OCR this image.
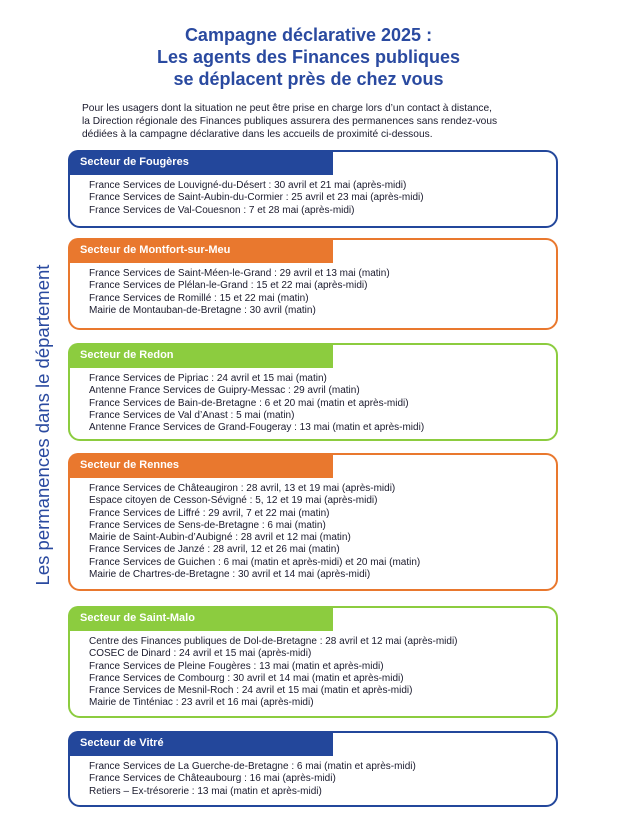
Campagne déclarative 2025 :
Les agents des Finances publiques
se déplacent près de chez vous
Pour les usagers dont la situation ne peut être prise en charge lors d’un contact à distance,
la Direction régionale des Finances publiques assurera des permanences sans rendez-vous
dédiées à la campagne déclarative dans les accueils de proximité ci-dessous.
Les permanences dans le département
Secteur de Fougères
France Services de Louvigné-du-Désert : 30 avril et 21 mai (après-midi)
France Services de Saint-Aubin-du-Cormier : 25 avril et 23 mai (après-midi)
France Services de Val-Couesnon : 7 et 28 mai (après-midi)
Secteur de Montfort-sur-Meu
France Services de Saint-Méen-le-Grand : 29 avril et 13 mai (matin)
France Services de Plélan-le-Grand : 15 et 22 mai (après-midi)
France Services de Romillé : 15 et 22 mai (matin)
Mairie de Montauban-de-Bretagne : 30 avril (matin)
Secteur de Redon
France Services de Pipriac : 24 avril et 15 mai (matin)
Antenne France Services de Guipry-Messac : 29 avril (matin)
France Services de Bain-de-Bretagne : 6 et 20 mai (matin et après-midi)
France Services de Val d’Anast : 5 mai (matin)
Antenne France Services de Grand-Fougeray : 13 mai (matin et après-midi)
Secteur de Rennes
France Services de Châteaugiron : 28 avril, 13 et 19 mai (après-midi)
Espace citoyen de Cesson-Sévigné : 5, 12 et 19 mai (après-midi)
France Services de Liffré : 29 avril, 7 et 22 mai (matin)
France Services de Sens-de-Bretagne : 6 mai (matin)
Mairie de Saint-Aubin-d’Aubigné : 28 avril et 12 mai (matin)
France Services de Janzé : 28 avril, 12 et 26 mai (matin)
France Services de Guichen : 6 mai (matin et après-midi) et 20 mai (matin)
Mairie de Chartres-de-Bretagne : 30 avril et 14 mai (après-midi)
Secteur de Saint-Malo
Centre des Finances publiques de Dol-de-Bretagne : 28 avril et 12 mai (après-midi)
COSEC de Dinard : 24 avril et 15 mai (après-midi)
France Services de Pleine Fougères : 13 mai (matin et après-midi)
France Services de Combourg : 30 avril et 14 mai (matin et après-midi)
France Services de Mesnil-Roch : 24 avril et 15 mai (matin et après-midi)
Mairie de Tinténiac : 23 avril et 16 mai (après-midi)
Secteur de Vitré
France Services de La Guerche-de-Bretagne : 6 mai (matin et après-midi)
France Services de Châteaubourg : 16 mai (après-midi)
Retiers – Ex-trésorerie : 13 mai (matin et après-midi)
